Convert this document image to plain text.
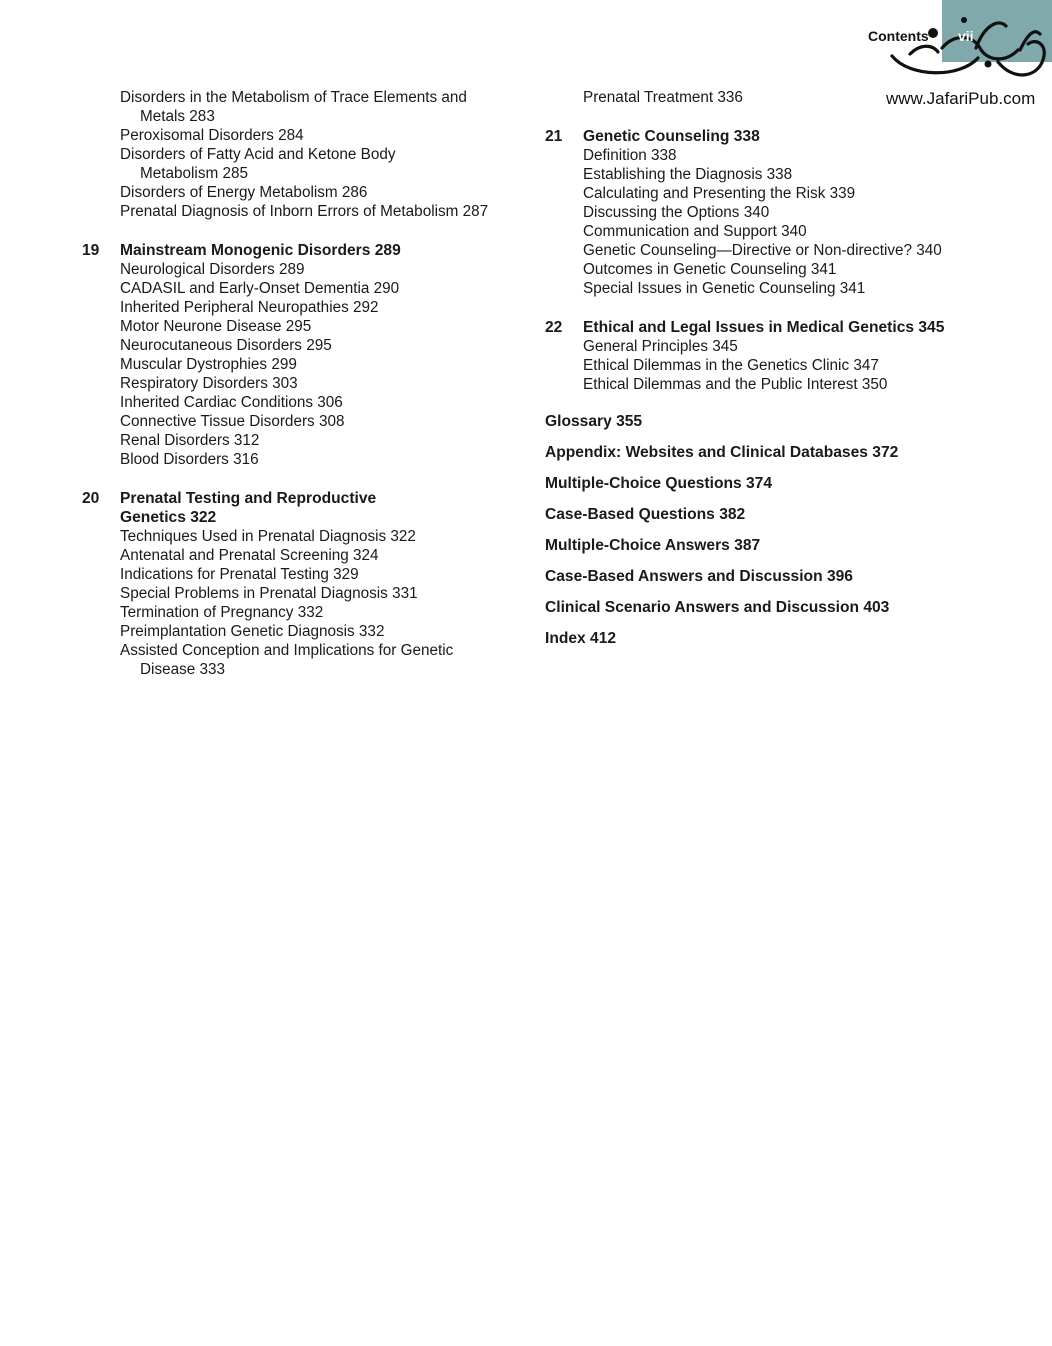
Contents vii
www.JafariPub.com
Disorders in the Metabolism of Trace Elements and
Metals 283
Peroxisomal Disorders 284
Disorders of Fatty Acid and Ketone Body
Metabolism 285
Disorders of Energy Metabolism 286
Prenatal Diagnosis of Inborn Errors of Metabolism 287
19	Mainstream Monogenic Disorders 289
Neurological Disorders 289
CADASIL and Early-Onset Dementia 290
Inherited Peripheral Neuropathies 292
Motor Neurone Disease 295
Neurocutaneous Disorders 295
Muscular Dystrophies 299
Respiratory Disorders 303
Inherited Cardiac Conditions 306
Connective Tissue Disorders 308
Renal Disorders 312
Blood Disorders 316
20	Prenatal Testing and Reproductive
Genetics 322
Techniques Used in Prenatal Diagnosis 322
Antenatal and Prenatal Screening 324
Indications for Prenatal Testing 329
Special Problems in Prenatal Diagnosis 331
Termination of Pregnancy 332
Preimplantation Genetic Diagnosis 332
Assisted Conception and Implications for Genetic
Disease 333
Prenatal Treatment 336
21	Genetic Counseling 338
Definition 338
Establishing the Diagnosis 338
Calculating and Presenting the Risk 339
Discussing the Options 340
Communication and Support 340
Genetic Counseling—Directive or Non-directive? 340
Outcomes in Genetic Counseling 341
Special Issues in Genetic Counseling 341
22	Ethical and Legal Issues in Medical Genetics 345
General Principles 345
Ethical Dilemmas in the Genetics Clinic 347
Ethical Dilemmas and the Public Interest 350
Glossary 355
Appendix: Websites and Clinical Databases 372
Multiple-Choice Questions 374
Case-Based Questions 382
Multiple-Choice Answers 387
Case-Based Answers and Discussion 396
Clinical Scenario Answers and Discussion 403
Index 412
